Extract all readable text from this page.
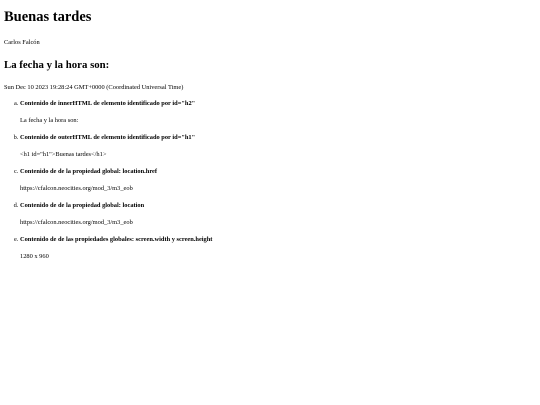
Buenas tardes

Carlos Falcón

La fecha y la hora son:

Sun Dec 10 2023 19:28:24 GMT+0000 (Coordinated Universal Time)

a. Contenido de innerHTML de elemento identificado por id="h2"
La fecha y la hora son:
b. Contenido de outerHTML de elemento identificado por id="h1"
<h1 id="h1">Buenas tardes</h1>
c. Contenido de de la propiedad global: location.href
https://cfalcon.neocities.org/mod_3/m3_eob
d. Contenido de de la propiedad global: location
https://cfalcon.neocities.org/mod_3/m3_eob
e. Contenido de de las propiedades globales: screen.width y screen.height
1280 x 960
